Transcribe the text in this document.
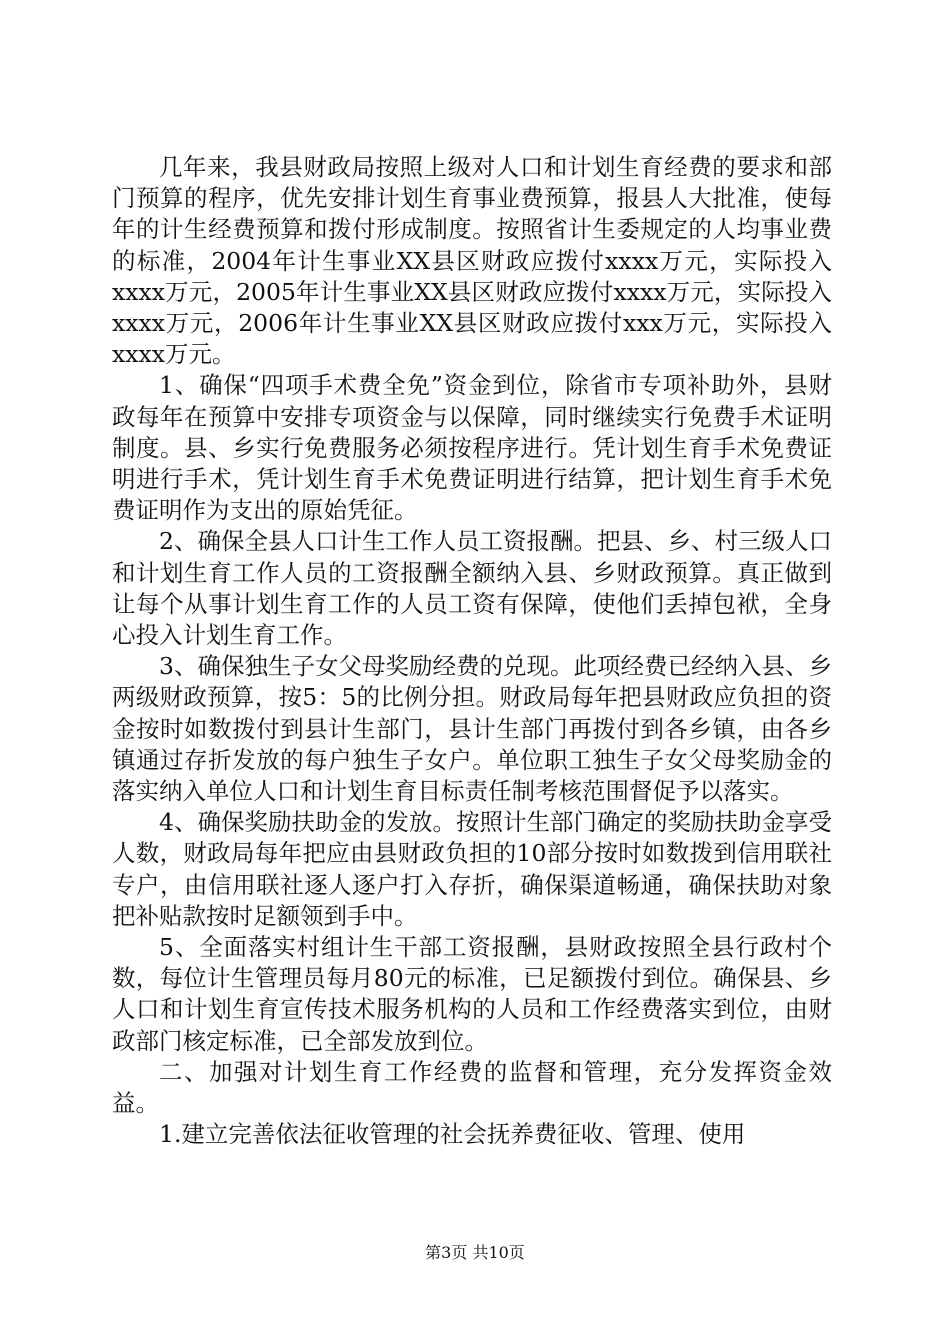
几年来，我县财政局按照上级对人口和计划生育经费的要求和部门预算的程序，优先安排计划生育事业费预算，报县人大批准，使每年的计生经费预算和拨付形成制度。按照省计生委规定的人均事业费的标准，2004年计生事业XX县区财政应拨付xxxx万元，实际投入xxxx万元，2005年计生事业XX县区财政应拨付xxxx万元，实际投入xxxx万元，2006年计生事业XX县区财政应拨付xxx万元，实际投入xxxx万元。

1、确保“四项手术费全免”资金到位，除省市专项补助外，县财政每年在预算中安排专项资金与以保障，同时继续实行免费手术证明制度。县、乡实行免费服务必须按程序进行。凭计划生育手术免费证明进行手术，凭计划生育手术免费证明进行结算，把计划生育手术免费证明作为支出的原始凭征。

2、确保全县人口计生工作人员工资报酬。把县、乡、村三级人口和计划生育工作人员的工资报酬全额纳入县、乡财政预算。真正做到让每个从事计划生育工作的人员工资有保障，使他们丢掉包袱，全身心投入计划生育工作。

3、确保独生子女父母奖励经费的兑现。此项经费已经纳入县、乡两级财政预算，按5：5的比例分担。财政局每年把县财政应负担的资金按时如数拨付到县计生部门，县计生部门再拨付到各乡镇，由各乡镇通过存折发放的每户独生子女户。单位职工独生子女父母奖励金的落实纳入单位人口和计划生育目标责任制考核范围督促予以落实。

4、确保奖励扶助金的发放。按照计生部门确定的奖励扶助金享受人数，财政局每年把应由县财政负担的10部分按时如数拨到信用联社专户，由信用联社逐人逐户打入存折，确保渠道畅通，确保扶助对象把补贴款按时足额领到手中。

5、全面落实村组计生干部工资报酬，县财政按照全县行政村个数，每位计生管理员每月80元的标准，已足额拨付到位。确保县、乡人口和计划生育宣传技术服务机构的人员和工作经费落实到位，由财政部门核定标准，已全部发放到位。

二、加强对计划生育工作经费的监督和管理，充分发挥资金效益。

1.建立完善依法征收管理的社会抚养费征收、管理、使用

第3页 共10页
